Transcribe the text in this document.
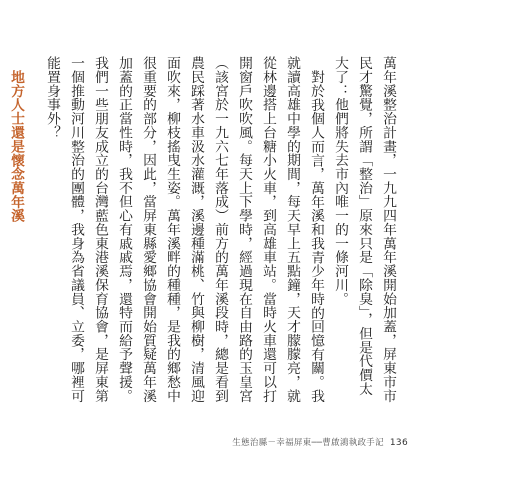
萬年溪整治計畫，一九九四年萬年溪開始加蓋，屏東市市民才驚覺，所謂「整治」原來只是「除臭」，但是代價太大了：他們將失去市內唯一的一條河川。

對於我個人而言，萬年溪和我青少年時的回憶有關。我就讀高雄中學的期間，每天早上五點鐘，天才朦朦亮，就從林邊搭上台糖小火車，到高雄車站。當時火車還可以打開窗戶吹吹風。每天上下學時，經過現在自由路的玉皇宮（該宮於一九六七年落成）前方的萬年溪段時，總是看到農民踩著水車汲水灌溉，溪邊種滿桃、竹與柳樹，清風迎面吹來，柳枝搖曳生姿。萬年溪畔的種種，是我的鄉愁中很重要的部分，因此，當屏東縣愛鄉協會開始質疑萬年溪加蓋的正當性時，我不但心有戚戚焉，還特而給予聲援。我們一些朋友成立的台灣藍色東港溪保育協會，是屏東第一個推動河川整治的團體，我身為省議員、立委，哪裡可能置身事外？

地方人士還是懷念萬年溪

生態治縣－幸福屏東──曹啟鴻執政手記 136
